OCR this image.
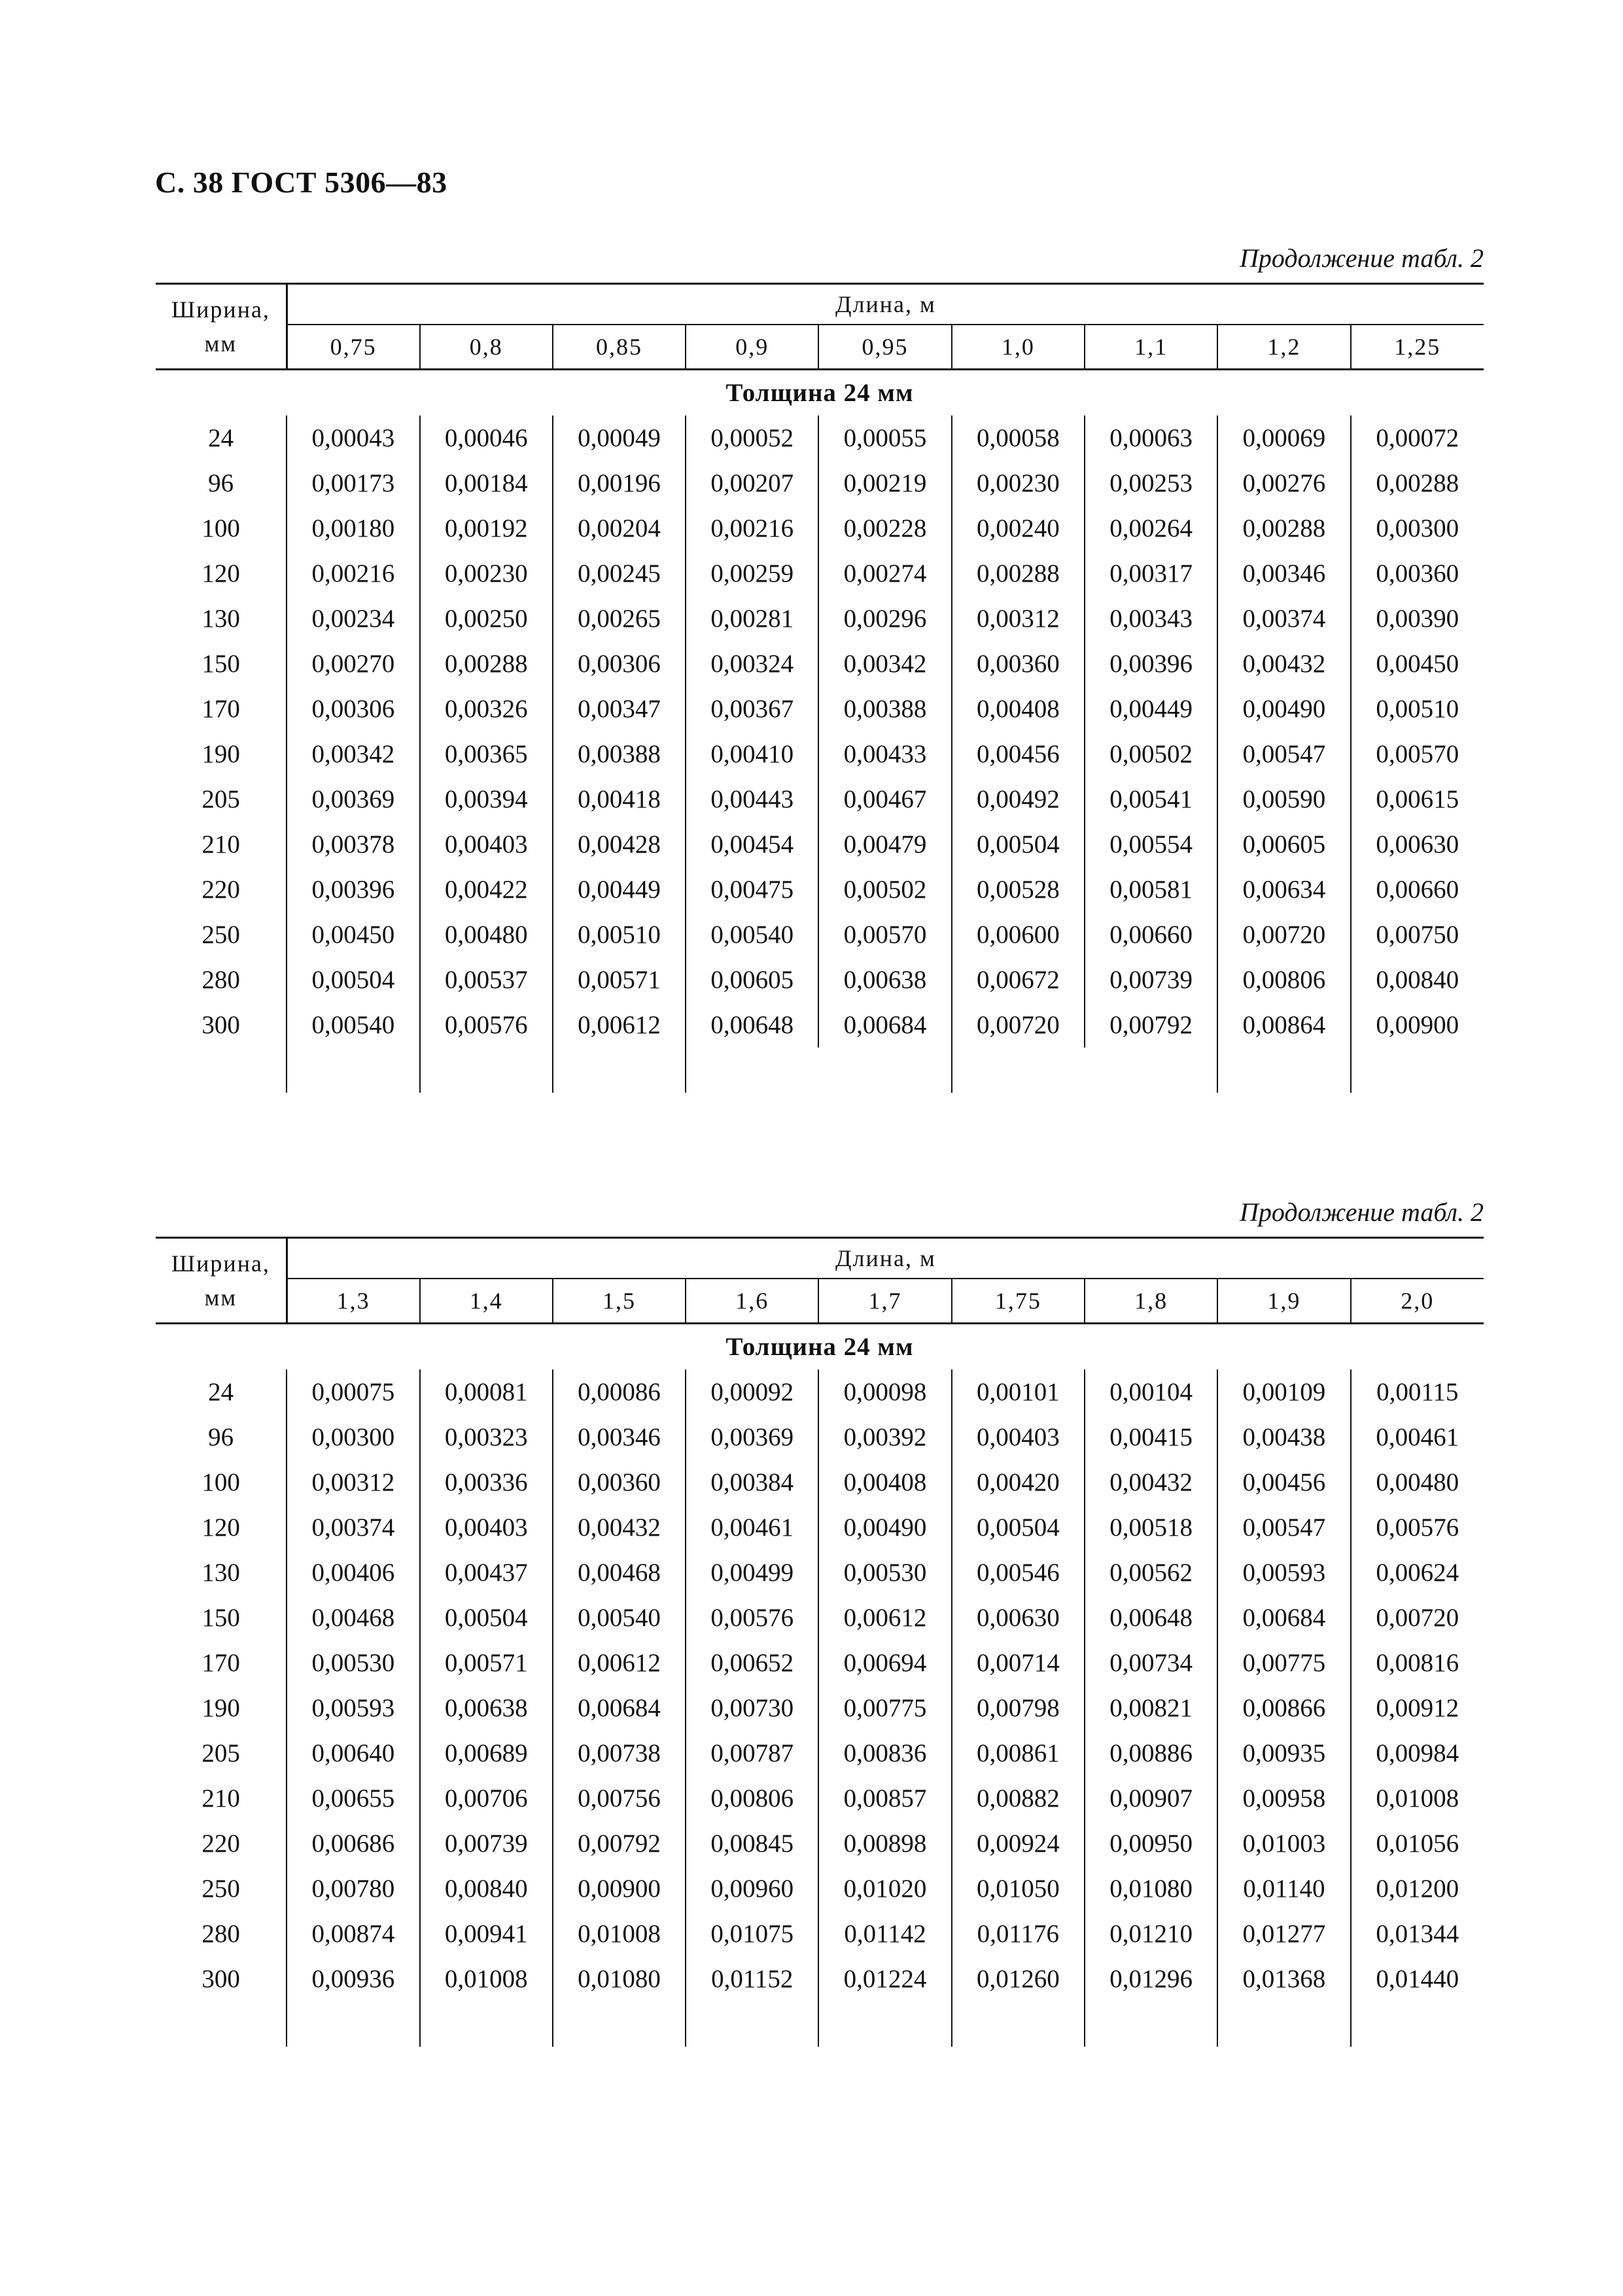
С. 38 ГОСТ 5306—83
Продолжение табл. 2
Ширина, мм	Длина, м								
	0,75	0,8	0,85	0,9	0,95	1,0	1,1	1,2	1,25
Толщина 24 мм									
24	0,00043	0,00046	0,00049	0,00052	0,00055	0,00058	0,00063	0,00069	0,00072
96	0,00173	0,00184	0,00196	0,00207	0,00219	0,00230	0,00253	0,00276	0,00288
100	0,00180	0,00192	0,00204	0,00216	0,00228	0,00240	0,00264	0,00288	0,00300
120	0,00216	0,00230	0,00245	0,00259	0,00274	0,00288	0,00317	0,00346	0,00360
130	0,00234	0,00250	0,00265	0,00281	0,00296	0,00312	0,00343	0,00374	0,00390
150	0,00270	0,00288	0,00306	0,00324	0,00342	0,00360	0,00396	0,00432	0,00450
170	0,00306	0,00326	0,00347	0,00367	0,00388	0,00408	0,00449	0,00490	0,00510
190	0,00342	0,00365	0,00388	0,00410	0,00433	0,00456	0,00502	0,00547	0,00570
205	0,00369	0,00394	0,00418	0,00443	0,00467	0,00492	0,00541	0,00590	0,00615
210	0,00378	0,00403	0,00428	0,00454	0,00479	0,00504	0,00554	0,00605	0,00630
220	0,00396	0,00422	0,00449	0,00475	0,00502	0,00528	0,00581	0,00634	0,00660
250	0,00450	0,00480	0,00510	0,00540	0,00570	0,00600	0,00660	0,00720	0,00750
280	0,00504	0,00537	0,00571	0,00605	0,00638	0,00672	0,00739	0,00806	0,00840
300	0,00540	0,00576	0,00612	0,00648	0,00684	0,00720	0,00792	0,00864	0,00900

Продолжение табл. 2
Ширина, мм	Длина, м								
	1,3	1,4	1,5	1,6	1,7	1,75	1,8	1,9	2,0
Толщина 24 мм									
24	0,00075	0,00081	0,00086	0,00092	0,00098	0,00101	0,00104	0,00109	0,00115
96	0,00300	0,00323	0,00346	0,00369	0,00392	0,00403	0,00415	0,00438	0,00461
100	0,00312	0,00336	0,00360	0,00384	0,00408	0,00420	0,00432	0,00456	0,00480
120	0,00374	0,00403	0,00432	0,00461	0,00490	0,00504	0,00518	0,00547	0,00576
130	0,00406	0,00437	0,00468	0,00499	0,00530	0,00546	0,00562	0,00593	0,00624
150	0,00468	0,00504	0,00540	0,00576	0,00612	0,00630	0,00648	0,00684	0,00720
170	0,00530	0,00571	0,00612	0,00652	0,00694	0,00714	0,00734	0,00775	0,00816
190	0,00593	0,00638	0,00684	0,00730	0,00775	0,00798	0,00821	0,00866	0,00912
205	0,00640	0,00689	0,00738	0,00787	0,00836	0,00861	0,00886	0,00935	0,00984
210	0,00655	0,00706	0,00756	0,00806	0,00857	0,00882	0,00907	0,00958	0,01008
220	0,00686	0,00739	0,00792	0,00845	0,00898	0,00924	0,00950	0,01003	0,01056
250	0,00780	0,00840	0,00900	0,00960	0,01020	0,01050	0,01080	0,01140	0,01200
280	0,00874	0,00941	0,01008	0,01075	0,01142	0,01176	0,01210	0,01277	0,01344
300	0,00936	0,01008	0,01080	0,01152	0,01224	0,01260	0,01296	0,01368	0,01440
